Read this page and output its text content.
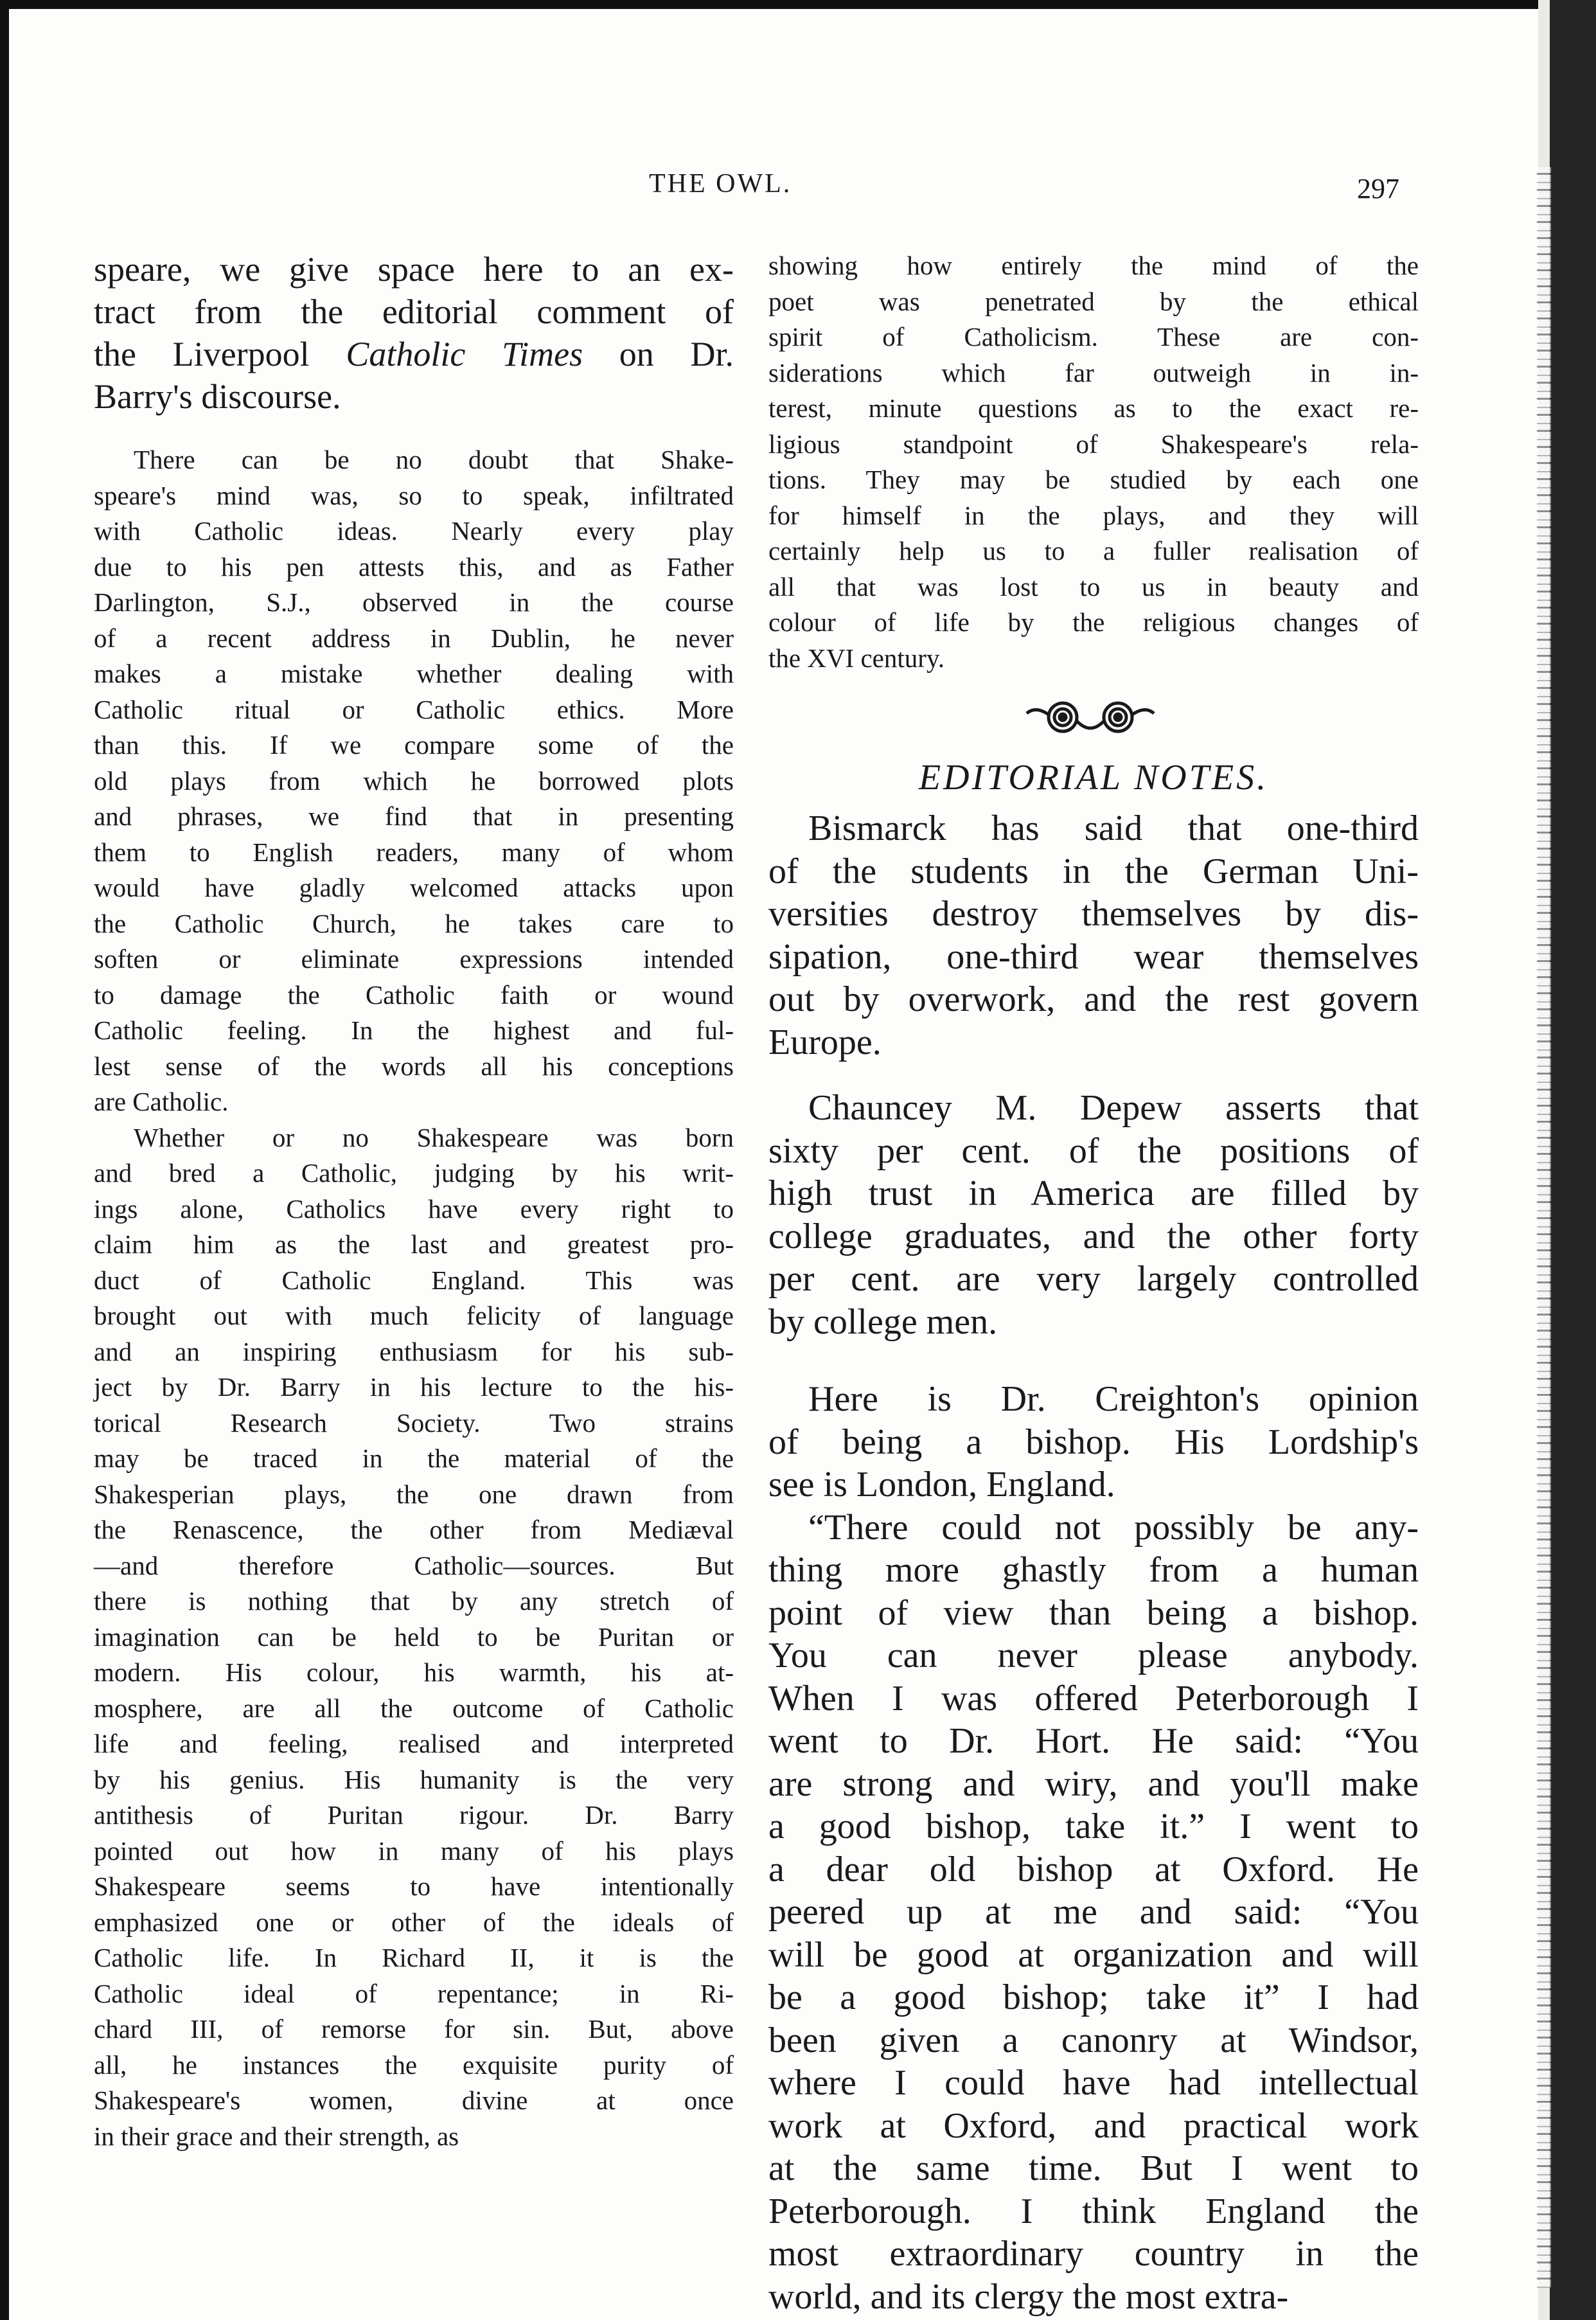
THE OWL.	297
speare, we give space here to an ex-
tract from the editorial comment of
the Liverpool Catholic Times on Dr.
Barry's discourse.
There can be no doubt that Shake-
speare's mind was, so to speak, infiltrated
with Catholic ideas. Nearly every play
due to his pen attests this, and as Father
Darlington, S.J., observed in the course
of a recent address in Dublin, he never
makes a mistake whether dealing with
Catholic ritual or Catholic ethics. More
than this. If we compare some of the
old plays from which he borrowed plots
and phrases, we find that in presenting
them to English readers, many of whom
would have gladly welcomed attacks upon
the Catholic Church, he takes care to
soften or eliminate expressions intended
to damage the Catholic faith or wound
Catholic feeling. In the highest and ful-
lest sense of the words all his conceptions
are Catholic.
Whether or no Shakespeare was born
and bred a Catholic, judging by his writ-
ings alone, Catholics have every right to
claim him as the last and greatest pro-
duct of Catholic England. This was
brought out with much felicity of language
and an inspiring enthusiasm for his sub-
ject by Dr. Barry in his lecture to the his-
torical Research Society. Two strains
may be traced in the material of the
Shakesperian plays, the one drawn from
the Renascence, the other from Mediæval
—and therefore Catholic—sources. But
there is nothing that by any stretch of
imagination can be held to be Puritan or
modern. His colour, his warmth, his at-
mosphere, are all the outcome of Catholic
life and feeling, realised and interpreted
by his genius. His humanity is the very
antithesis of Puritan rigour. Dr. Barry
pointed out how in many of his plays
Shakespeare seems to have intentionally
emphasized one or other of the ideals of
Catholic life. In Richard II, it is the
Catholic ideal of repentance; in Ri-
chard III, of remorse for sin. But, above
all, he instances the exquisite purity of
Shakespeare's women, divine at once
in their grace and their strength, as
showing how entirely the mind of the
poet was penetrated by the ethical
spirit of Catholicism. These are con-
siderations which far outweigh in in-
terest, minute questions as to the exact re-
ligious standpoint of Shakespeare's rela-
tions. They may be studied by each one
for himself in the plays, and they will
certainly help us to a fuller realisation of
all that was lost to us in beauty and
colour of life by the religious changes of
the XVI century.
EDITORIAL NOTES.
Bismarck has said that one-third
of the students in the German Uni-
versities destroy themselves by dis-
sipation, one-third wear themselves
out by overwork, and the rest govern
Europe.
Chauncey M. Depew asserts that
sixty per cent. of the positions of
high trust in America are filled by
college graduates, and the other forty
per cent. are very largely controlled
by college men.
Here is Dr. Creighton's opinion
of being a bishop. His Lordship's
see is London, England.
“There could not possibly be any-
thing more ghastly from a human
point of view than being a bishop.
You can never please anybody.
When I was offered Peterborough I
went to Dr. Hort. He said: “You
are strong and wiry, and you'll make
a good bishop, take it.” I went to
a dear old bishop at Oxford. He
peered up at me and said: “You
will be good at organization and will
be a good bishop; take it” I had
been given a canonry at Windsor,
where I could have had intellectual
work at Oxford, and practical work
at the same time. But I went to
Peterborough. I think England the
most extraordinary country in the
world, and its clergy the most extra-
